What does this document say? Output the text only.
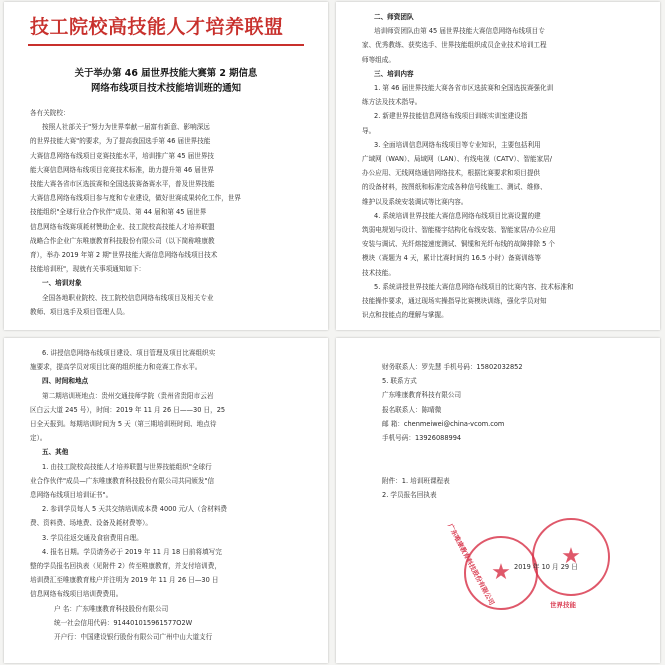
技工院校高技能人才培养联盟
关于举办第 46 届世界技能大赛第 2 期信息
网络布线项目技术技能培训班的通知
各有关院校：
按照人社部关于"努力为世界奉献一届富有新意、影响深远
的世界技能大赛"的要求，为了提高我国选手第 46 届世界技能
大赛信息网络布线项目竞赛技能水平，培训推广第 45 届世界技
能大赛信息网络布线项目竞赛技术标准，助力提升第 46 届世界
技能大赛各省市区选拔赛和全国选拔赛备赛水平，普及世界技能
大赛信息网络布线项目参与度和专业建设，做好世赛成果转化工作，世界
技能组织"全球行业合作伙伴"成员、第 44 届和第 45 届世界
信息网络布线赛项耗材赞助企业、技工院校高技能人才培养联盟
战略合作企业广东唯康教育科技股份有限公司（以下简称唯康教
育），举办 2019 年第 2 期"世界技能大赛信息网络布线项目技术
技能培训班"，现就有关事项通知如下：
一、培训对象
全国各地职业院校、技工院校信息网络布线项目及相关专业
教师、项目选手及项目管理人员。
二、师资团队
培训师资团队由第 45 届世界技能大赛信息网络布线项目专
家、优秀教练、获奖选手、世界技能组织成员企业技术培训工程
师等组成。
三、培训内容
1. 第 46 届世界技能大赛各省市区选拔赛和全国选拔赛强化训
练方法及技术指导。
2. 新建世界技能信息网络布线项目训练实训室建设指
导。
3. 全面培训信息网络布线项目等专业知识，主要包括利用
广域网（WAN）、局域网（LAN）、有线电视（CATV）、智能家居/
办公应用、无线网络通信网络技术，根据比赛要求和项目提供
的设备材料，按图纸和标准完成各种信号线施工、测试、维修、
维护以及系统安装调试等比赛内容。
4. 系统培训世界技能大赛信息网络布线项目比赛设置的建
筑弱电规划与设计、智能楼宇结构化布线安装、智能家居/办公应用
安装与调试、光纤熔接速度测试、铜缆和光纤布线的故障排除 5 个
模块（赛题为 4 天，累计比赛时间约 16.5 小时）备赛训练等
技术技能。
5. 系统讲授世界技能大赛信息网络布线项目的比赛内容、技术标准和
技能操作要求，通过现场实操指导比赛模块训练，强化学员对知
识点和技能点的理解与掌握。
6. 讲授信息网络布线项目建设、项目管理及项目比赛组织实
施要求，提高学员对项目比赛的组织能力和竞赛工作水平。
四、时间和地点
第二期培训班地点：贵州交通技师学院（贵州省贵阳市云岩
区白云大道 245 号），时间：2019 年 11 月 26 日——30 日，25
日全天报到。每期培训时间为 5 天（第三期培训班时间、地点待
定）。
五、其他
1. 由技工院校高技能人才培养联盟与世界技能组织"全球行
业合作伙伴"成员—广东唯康教育科技股份有限公司共同颁发"信
息网络布线项目培训证书"。
2. 参训学员每人 5 天共交纳培训成本费 4000 元/人（含材料费
费、资料费、场地费、设备及耗材费等）。
3. 学员往返交通及食宿费用自理。
4. 报名日期。学员请务必于 2019 年 11 月 18 日前将填写完
整的学员报名回执表（见附件 2）传至唯康教育，并支付培训费，
培训费汇至唯康教育账户并注明为 2019 年 11 月 26 日—30 日
信息网络布线项目培训费费用。
户 名：广东唯康教育科技股份有限公司
统一社会信用代码：914401015961577O2W
开户行：中国建设银行股份有限公司广州中山大道支行
财务联系人：罗先慧 手机号码：15802032852
5. 联系方式
广东唯康教育科技有限公司
报名联系人：陈晴微
邮 箱：chenmeiwei@china-vcom.com
手机号码：13926088994

附件：1. 培训班课程表
2. 学员报名回执表
★
广东唯康教育科技股份有限公司	★
世界技能
2019 年 10 月 29 日
